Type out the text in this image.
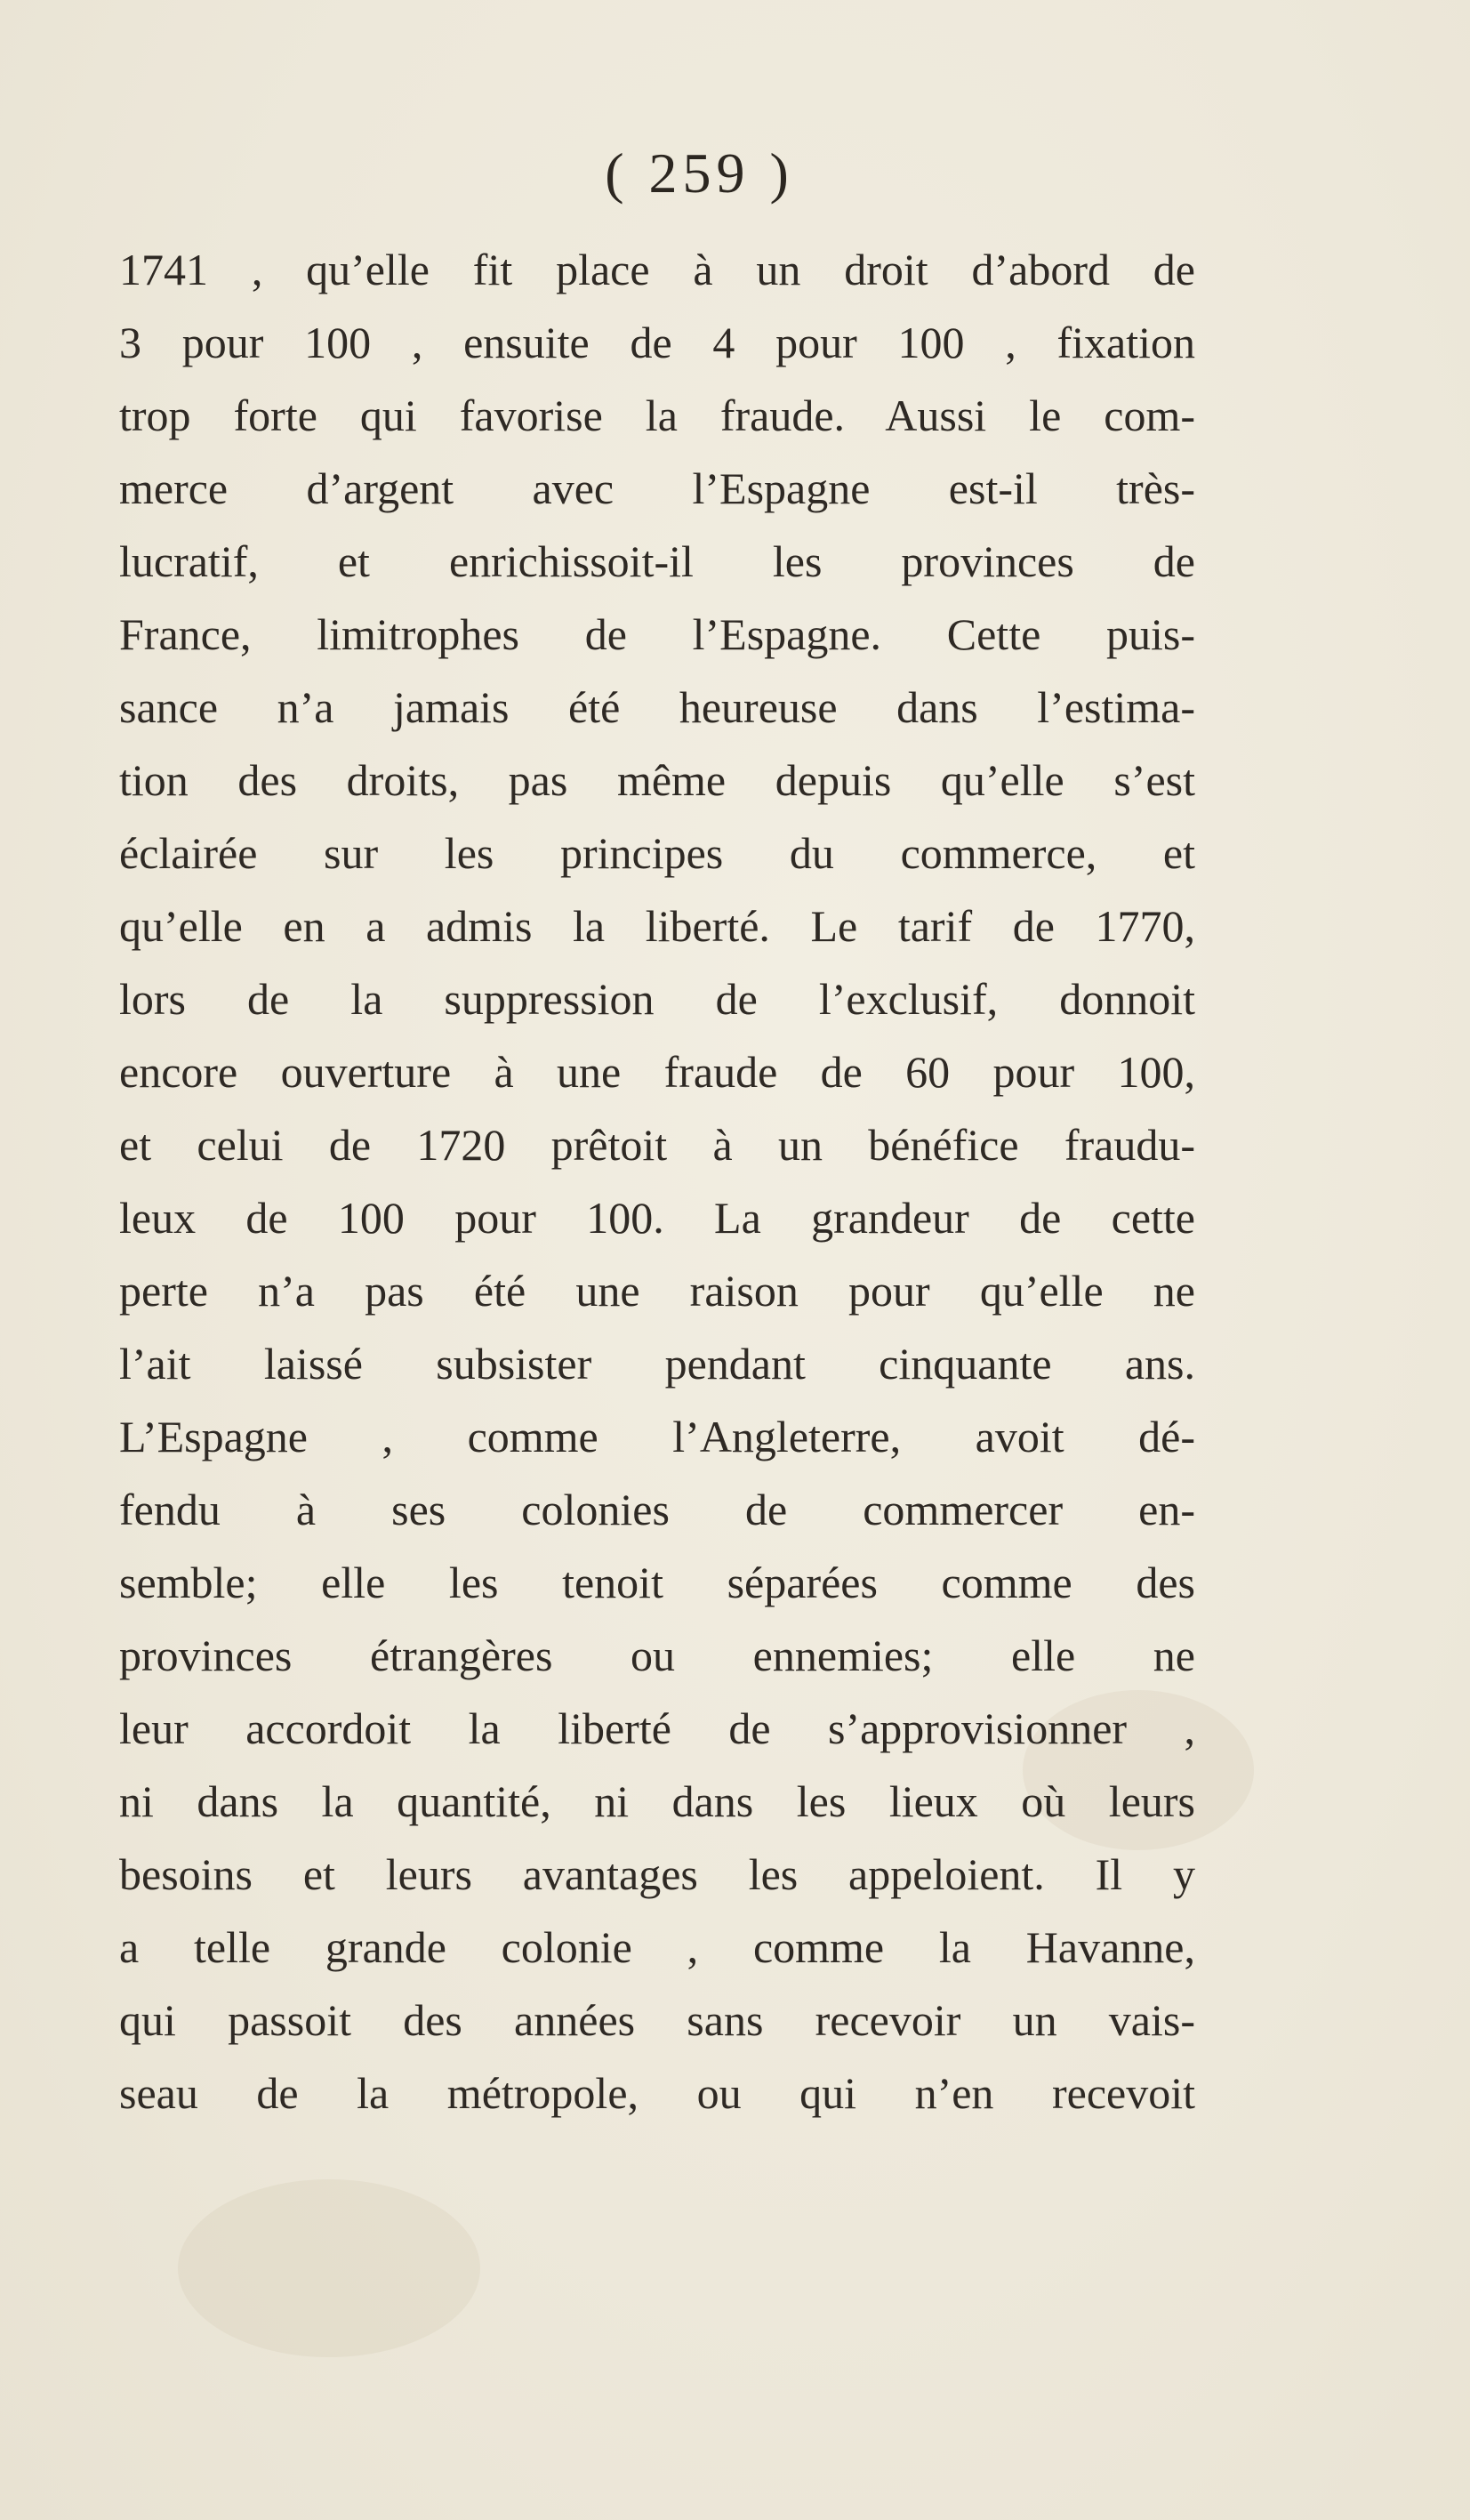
( 259 )
1741 , qu’elle fit place à un droit d’abord de
3 pour 100 , ensuite de 4 pour 100 , fixation
trop forte qui favorise la fraude. Aussi le com-
merce d’argent avec l’Espagne est-il très-
lucratif, et enrichissoit-il les provinces de
France, limitrophes de l’Espagne. Cette puis-
sance n’a jamais été heureuse dans l’estima-
tion des droits, pas même depuis qu’elle s’est
éclairée sur les principes du commerce, et
qu’elle en a admis la liberté. Le tarif de 1770,
lors de la suppression de l’exclusif, donnoit
encore ouverture à une fraude de 60 pour 100,
et celui de 1720 prêtoit à un bénéfice fraudu-
leux de 100 pour 100. La grandeur de cette
perte n’a pas été une raison pour qu’elle ne
l’ait laissé subsister pendant cinquante ans.
L’Espagne , comme l’Angleterre, avoit dé-
fendu à ses colonies de commercer en-
semble; elle les tenoit séparées comme des
provinces étrangères ou ennemies; elle ne
leur accordoit la liberté de s’approvisionner ,
ni dans la quantité, ni dans les lieux où leurs
besoins et leurs avantages les appeloient. Il y
a telle grande colonie , comme la Havanne,
qui passoit des années sans recevoir un vais-
seau de la métropole, ou qui n’en recevoit
